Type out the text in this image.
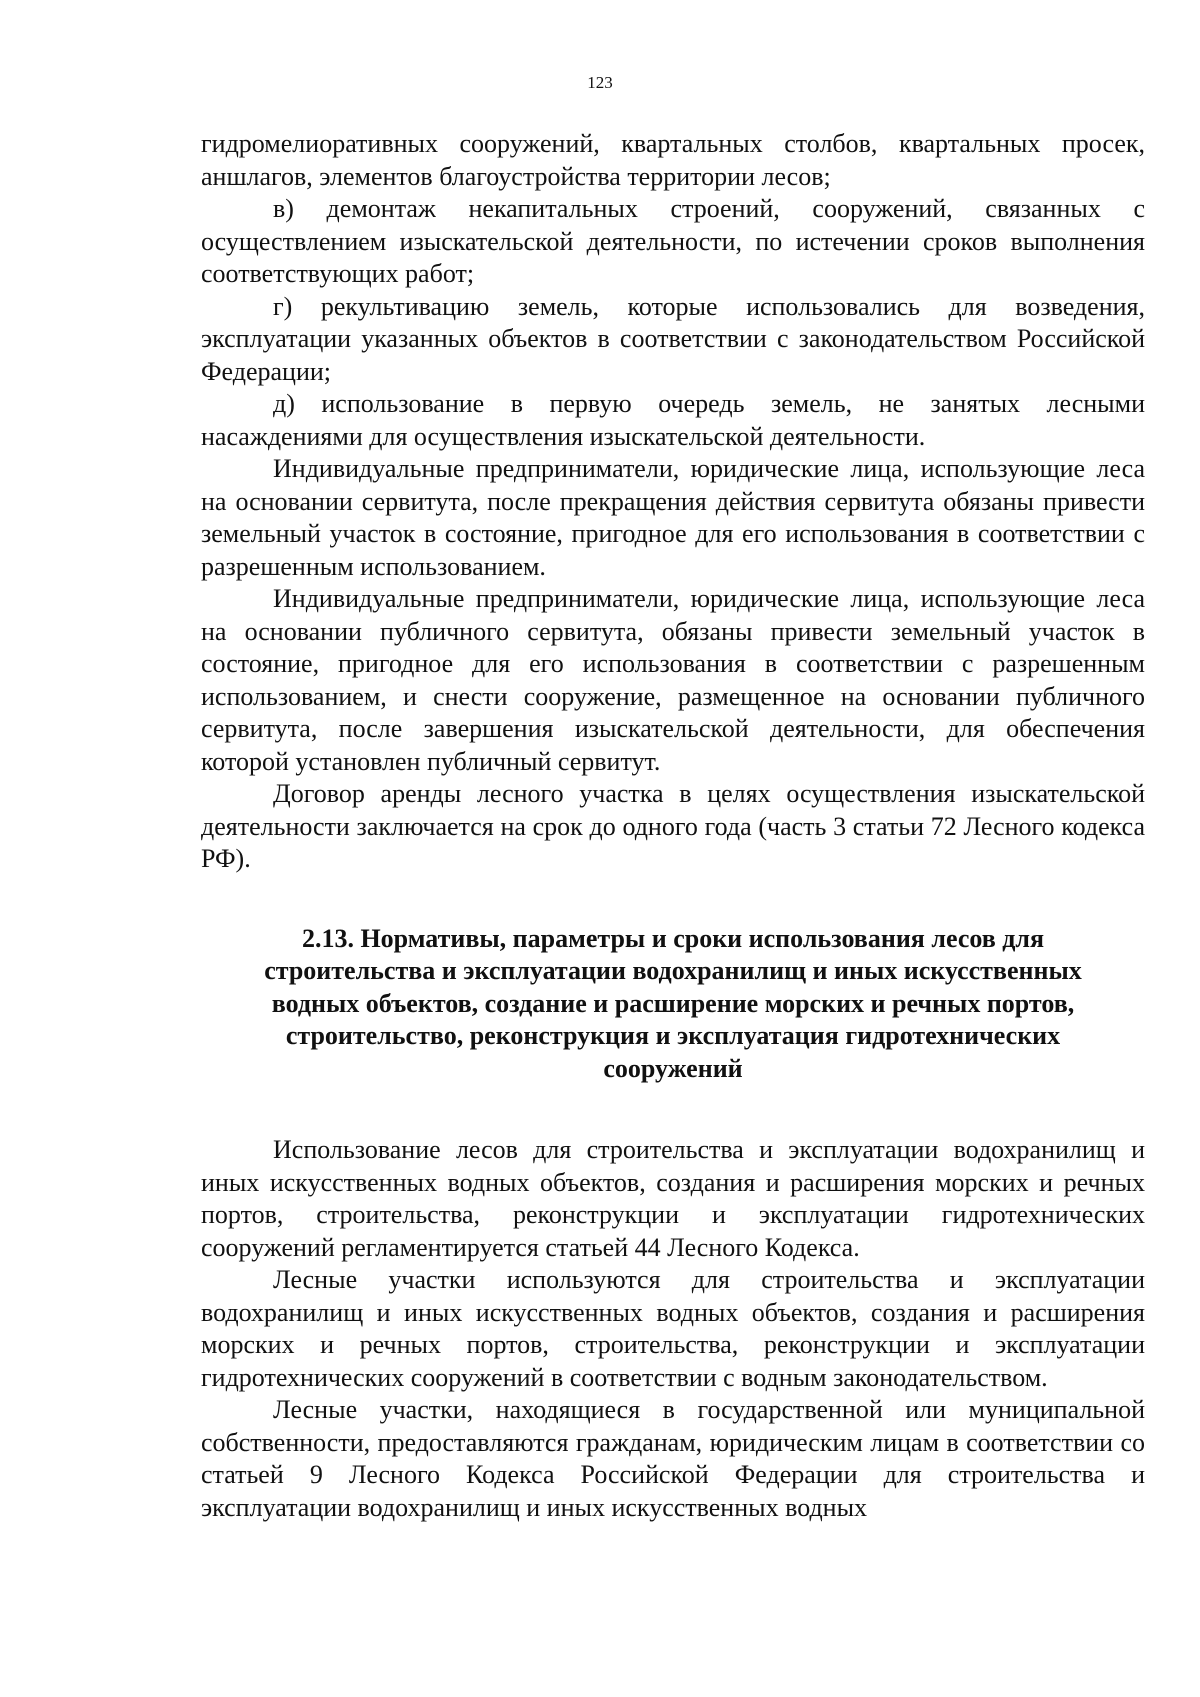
123

гидромелиоративных сооружений, квартальных столбов, квартальных просек, аншлагов, элементов благоустройства территории лесов;

в) демонтаж некапитальных строений, сооружений, связанных с осуществлением изыскательской деятельности, по истечении сроков выполнения соответствующих работ;

г) рекультивацию земель, которые использовались для возведения, эксплуатации указанных объектов в соответствии с законодательством Российской Федерации;

д) использование в первую очередь земель, не занятых лесными насаждениями для осуществления изыскательской деятельности.

Индивидуальные предприниматели, юридические лица, использующие леса на основании сервитута, после прекращения действия сервитута обязаны привести земельный участок в состояние, пригодное для его использования в соответствии с разрешенным использованием.

Индивидуальные предприниматели, юридические лица, использующие леса на основании публичного сервитута, обязаны привести земельный участок в состояние, пригодное для его использования в соответствии с разрешенным использованием, и снести сооружение, размещенное на основании публичного сервитута, после завершения изыскательской деятельности, для обеспечения которой установлен публичный сервитут.

Договор аренды лесного участка в целях осуществления изыскательской деятельности заключается на срок до одного года (часть 3 статьи 72 Лесного кодекса РФ).

2.13. Нормативы, параметры и сроки использования лесов для
строительства и эксплуатации водохранилищ и иных искусственных
водных объектов, создание и расширение морских и речных портов,
строительство, реконструкция и эксплуатация гидротехнических
сооружений

Использование лесов для строительства и эксплуатации водохранилищ и иных искусственных водных объектов, создания и расширения морских и речных портов, строительства, реконструкции и эксплуатации гидротехнических сооружений регламентируется статьей 44 Лесного Кодекса.

Лесные участки используются для строительства и эксплуатации водохранилищ и иных искусственных водных объектов, создания и расширения морских и речных портов, строительства, реконструкции и эксплуатации гидротехнических сооружений в соответствии с водным законодательством.

Лесные участки, находящиеся в государственной или муниципальной собственности, предоставляются гражданам, юридическим лицам в соответствии со статьей 9 Лесного Кодекса Российской Федерации для строительства и эксплуатации водохранилищ и иных искусственных водных
